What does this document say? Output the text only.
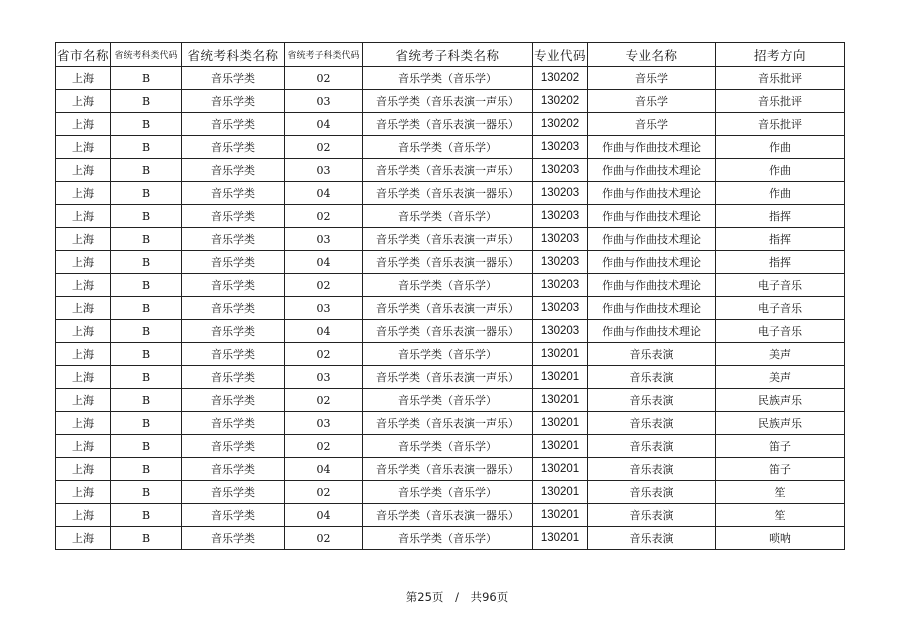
省市名称	省统考科类代码	省统考科类名称	省统考子科类代码	省统考子科类名称	专业代码	专业名称	招考方向
上海	B	音乐学类	02	音乐学类（音乐学）	130202	音乐学	音乐批评
上海	B	音乐学类	03	音乐学类（音乐表演一声乐）	130202	音乐学	音乐批评
上海	B	音乐学类	04	音乐学类（音乐表演一器乐）	130202	音乐学	音乐批评
上海	B	音乐学类	02	音乐学类（音乐学）	130203	作曲与作曲技术理论	作曲
上海	B	音乐学类	03	音乐学类（音乐表演一声乐）	130203	作曲与作曲技术理论	作曲
上海	B	音乐学类	04	音乐学类（音乐表演一器乐）	130203	作曲与作曲技术理论	作曲
上海	B	音乐学类	02	音乐学类（音乐学）	130203	作曲与作曲技术理论	指挥
上海	B	音乐学类	03	音乐学类（音乐表演一声乐）	130203	作曲与作曲技术理论	指挥
上海	B	音乐学类	04	音乐学类（音乐表演一器乐）	130203	作曲与作曲技术理论	指挥
上海	B	音乐学类	02	音乐学类（音乐学）	130203	作曲与作曲技术理论	电子音乐
上海	B	音乐学类	03	音乐学类（音乐表演一声乐）	130203	作曲与作曲技术理论	电子音乐
上海	B	音乐学类	04	音乐学类（音乐表演一器乐）	130203	作曲与作曲技术理论	电子音乐
上海	B	音乐学类	02	音乐学类（音乐学）	130201	音乐表演	美声
上海	B	音乐学类	03	音乐学类（音乐表演一声乐）	130201	音乐表演	美声
上海	B	音乐学类	02	音乐学类（音乐学）	130201	音乐表演	民族声乐
上海	B	音乐学类	03	音乐学类（音乐表演一声乐）	130201	音乐表演	民族声乐
上海	B	音乐学类	02	音乐学类（音乐学）	130201	音乐表演	笛子
上海	B	音乐学类	04	音乐学类（音乐表演一器乐）	130201	音乐表演	笛子
上海	B	音乐学类	02	音乐学类（音乐学）	130201	音乐表演	笙
上海	B	音乐学类	04	音乐学类（音乐表演一器乐）	130201	音乐表演	笙
上海	B	音乐学类	02	音乐学类（音乐学）	130201	音乐表演	唢呐
第25页 / 共96页
